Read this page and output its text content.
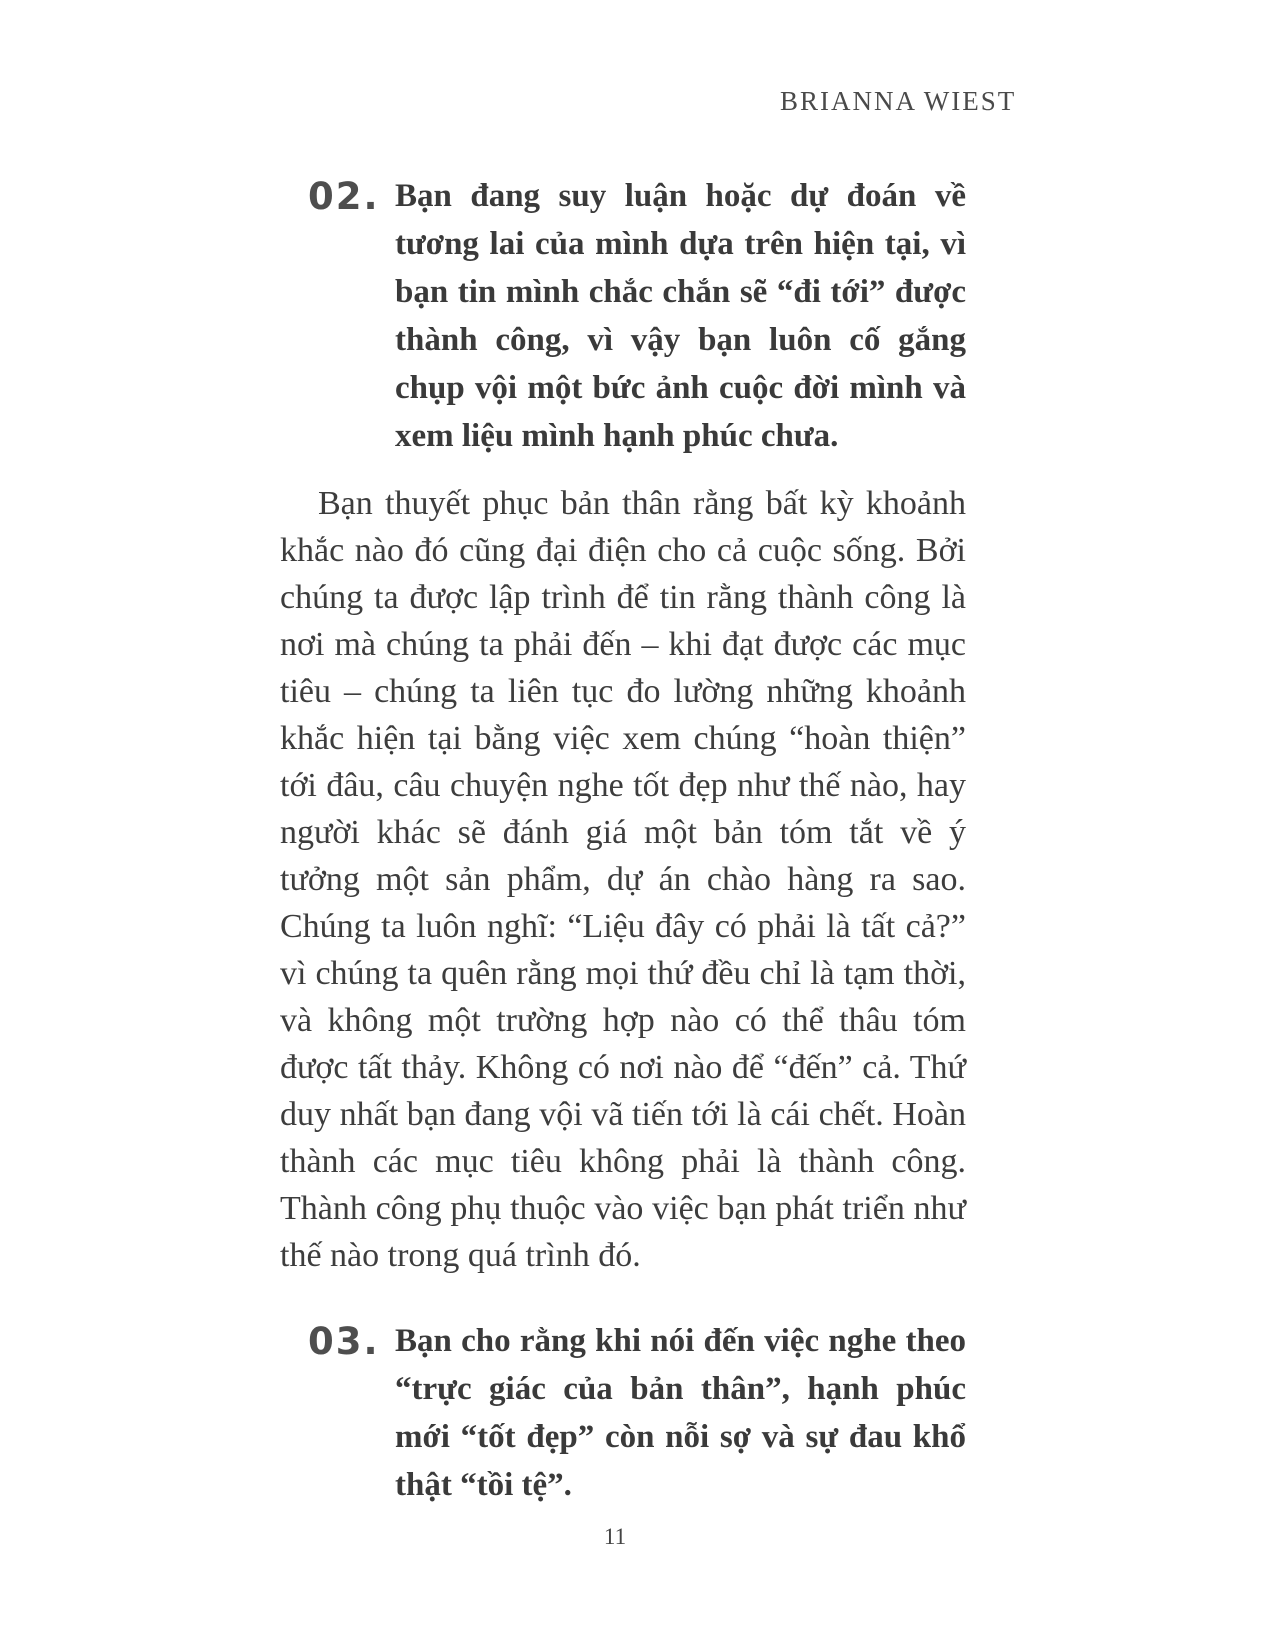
BRIANNA WIEST
02. Bạn đang suy luận hoặc dự đoán về tương lai của mình dựa trên hiện tại, vì bạn tin mình chắc chắn sẽ “đi tới” được thành công, vì vậy bạn luôn cố gắng chụp vội một bức ảnh cuộc đời mình và xem liệu mình hạnh phúc chưa.

Bạn thuyết phục bản thân rằng bất kỳ khoảnh khắc nào đó cũng đại điện cho cả cuộc sống. Bởi chúng ta được lập trình để tin rằng thành công là nơi mà chúng ta phải đến – khi đạt được các mục tiêu – chúng ta liên tục đo lường những khoảnh khắc hiện tại bằng việc xem chúng “hoàn thiện” tới đâu, câu chuyện nghe tốt đẹp như thế nào, hay người khác sẽ đánh giá một bản tóm tắt về ý tưởng một sản phẩm, dự án chào hàng ra sao. Chúng ta luôn nghĩ: “Liệu đây có phải là tất cả?” vì chúng ta quên rằng mọi thứ đều chỉ là tạm thời, và không một trường hợp nào có thể thâu tóm được tất thảy. Không có nơi nào để “đến” cả. Thứ duy nhất bạn đang vội vã tiến tới là cái chết. Hoàn thành các mục tiêu không phải là thành công. Thành công phụ thuộc vào việc bạn phát triển như thế nào trong quá trình đó.

03. Bạn cho rằng khi nói đến việc nghe theo “trực giác của bản thân”, hạnh phúc mới “tốt đẹp” còn nỗi sợ và sự đau khổ thật “tồi tệ”.
11
